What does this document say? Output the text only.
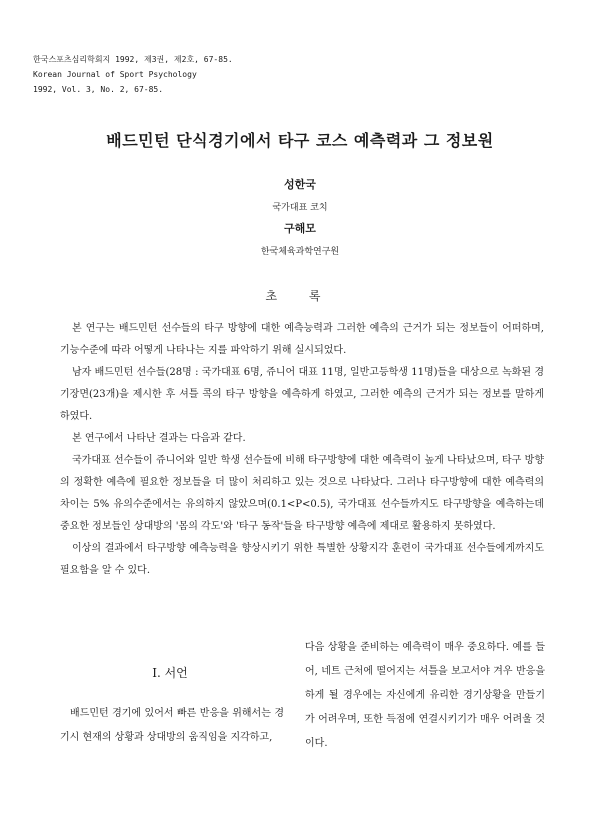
한국스포츠심리학회지 1992, 제3권, 제2호, 67-85.
Korean Journal of Sport Psychology
1992, Vol. 3, No. 2, 67-85.
배드민턴 단식경기에서 타구 코스 예측력과 그 정보원
성한국
국가대표 코치
구해모
한국체육과학연구원
초 록

본 연구는 배드민턴 선수들의 타구 방향에 대한 예측능력과 그러한 예측의 근거가 되는 정보들이 어떠하며, 기능수준에 따라 어떻게 나타나는 지를 파악하기 위해 실시되었다.

남자 배드민턴 선수들(28명 : 국가대표 6명, 쥬니어 대표 11명, 일반고등학생 11명)들을 대상으로 녹화된 경기장면(23개)을 제시한 후 셔틀 콕의 타구 방향을 예측하게 하였고, 그러한 예측의 근거가 되는 정보를 말하게 하였다.

본 연구에서 나타난 결과는 다음과 같다.

국가대표 선수들이 쥬니어와 일반 학생 선수들에 비해 타구방향에 대한 예측력이 높게 나타났으며, 타구 방향의 정확한 예측에 필요한 정보들을 더 많이 처리하고 있는 것으로 나타났다. 그러나 타구방향에 대한 예측력의 차이는 5% 유의수준에서는 유의하지 않았으며(0.1<P<0.5), 국가대표 선수들까지도 타구방향을 예측하는데 중요한 정보들인 상대방의 '몸의 각도'와 '타구 동작'들을 타구방향 예측에 제대로 활용하지 못하였다.

이상의 결과에서 타구방향 예측능력을 향상시키기 위한 특별한 상황지각 훈련이 국가대표 선수들에게까지도 필요함을 알 수 있다.

Ⅰ. 서언

배드민턴 경기에 있어서 빠른 반응을 위해서는 경기시 현재의 상황과 상대방의 움직임을 지각하고,

다음 상황을 준비하는 예측력이 매우 중요하다. 예를 들어, 네트 근처에 떨어지는 셔틀을 보고서야 겨우 반응을 하게 될 경우에는 자신에게 유리한 경기상황을 만들기가 어려우며, 또한 득점에 연결시키기가 매우 어려울 것이다.
